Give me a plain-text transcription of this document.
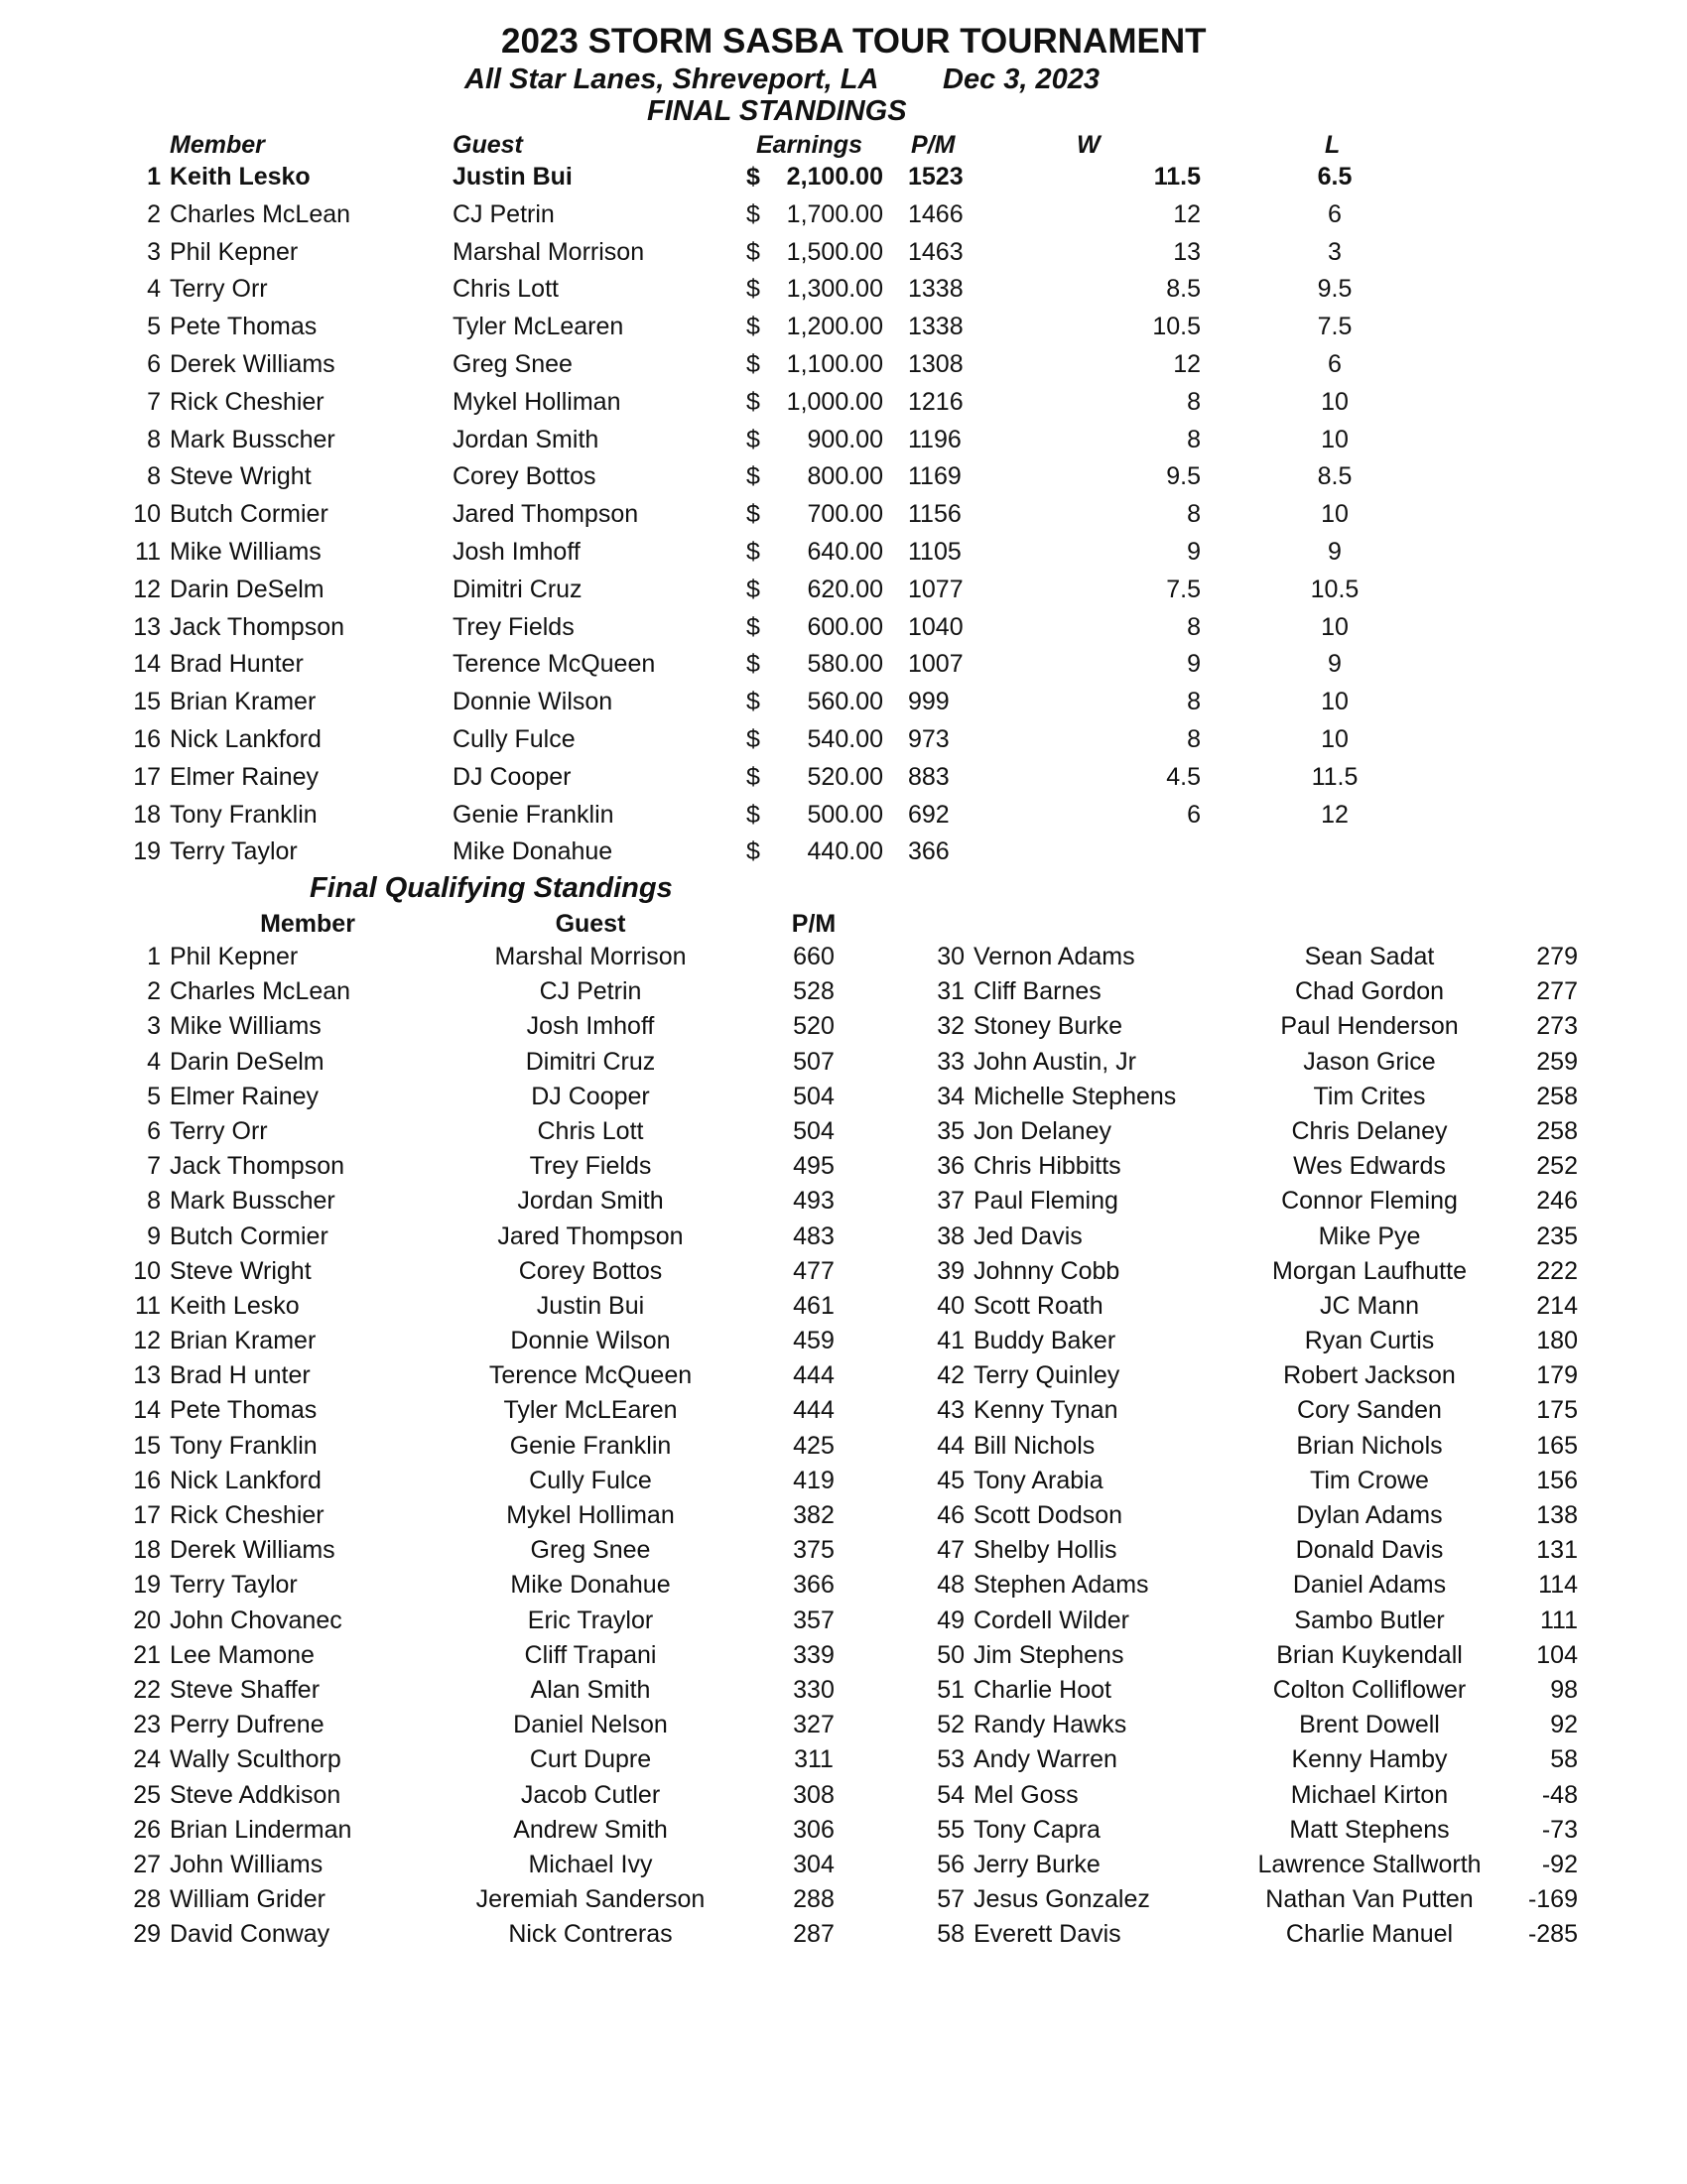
2023 STORM SASBA TOUR TOURNAMENT
All Star Lanes, Shreveport, LA Dec 3, 2023
FINAL STANDINGS
Member	Guest	Earnings P/M	W	L
1 Keith Lesko	Justin Bui	$	2,100.00 1523	11.5	6.5
2 Charles McLean	CJ Petrin	$	1,700.00 1466	12	6
3 Phil Kepner	Marshal Morrison	$	1,500.00 1463	13	3
4 Terry Orr	Chris Lott	$	1,300.00 1338	8.5	9.5
5 Pete Thomas	Tyler McLearen	$	1,200.00 1338	10.5	7.5
6 Derek Williams	Greg Snee	$	1,100.00 1308	12	6
7 Rick Cheshier	Mykel Holliman	$	1,000.00 1216	8	10
8 Mark Busscher	Jordan Smith	$	900.00 1196	8	10
8 Steve Wright	Corey Bottos	$	800.00 1169	9.5	8.5
10 Butch Cormier	Jared Thompson	$	700.00 1156	8	10
11 Mike Williams	Josh Imhoff	$	640.00 1105	9	9
12 Darin DeSelm	Dimitri Cruz	$	620.00 1077	7.5	10.5
13 Jack Thompson	Trey Fields	$	600.00 1040	8	10
14 Brad Hunter	Terence McQueen	$	580.00 1007	9	9
15 Brian Kramer	Donnie Wilson	$	560.00 999	8	10
16 Nick Lankford	Cully Fulce	$	540.00 973	8	10
17 Elmer Rainey	DJ Cooper	$	520.00 883	4.5	11.5
18 Tony Franklin	Genie Franklin	$	500.00 692	6	12
19 Terry Taylor	Mike Donahue	$	440.00 366
Final Qualifying Standings
Member	Guest	P/M
1 Phil Kepner	Marshal Morrison	660
2 Charles McLean	CJ Petrin	528
3 Mike Williams	Josh Imhoff	520
4 Darin DeSelm	Dimitri Cruz	507
5 Elmer Rainey	DJ Cooper	504
6 Terry Orr	Chris Lott	504
7 Jack Thompson	Trey Fields	495
8 Mark Busscher	Jordan Smith	493
9 Butch Cormier	Jared Thompson	483
10 Steve Wright	Corey Bottos	477
11 Keith Lesko	Justin Bui	461
12 Brian Kramer	Donnie Wilson	459
13 Brad H unter	Terence McQueen	444
14 Pete Thomas	Tyler McLEaren	444
15 Tony Franklin	Genie Franklin	425
16 Nick Lankford	Cully Fulce	419
17 Rick Cheshier	Mykel Holliman	382
18 Derek Williams	Greg Snee	375
19 Terry Taylor	Mike Donahue	366
20 John Chovanec	Eric Traylor	357
21 Lee Mamone	Cliff Trapani	339
22 Steve Shaffer	Alan Smith	330
23 Perry Dufrene	Daniel Nelson	327
24 Wally Sculthorp	Curt Dupre	311
25 Steve Addkison	Jacob Cutler	308
26 Brian Linderman	Andrew Smith	306
27 John Williams	Michael Ivy	304
28 William Grider	Jeremiah Sanderson	288
29 David Conway	Nick Contreras	287
30 Vernon Adams	Sean Sadat	279
31 Cliff Barnes	Chad Gordon	277
32 Stoney Burke	Paul Henderson	273
33 John Austin, Jr	Jason Grice	259
34 Michelle Stephens	Tim Crites	258
35 Jon Delaney	Chris Delaney	258
36 Chris Hibbitts	Wes Edwards	252
37 Paul Fleming	Connor Fleming	246
38 Jed Davis	Mike Pye	235
39 Johnny Cobb	Morgan Laufhutte	222
40 Scott Roath	JC Mann	214
41 Buddy Baker	Ryan Curtis	180
42 Terry Quinley	Robert Jackson	179
43 Kenny Tynan	Cory Sanden	175
44 Bill Nichols	Brian Nichols	165
45 Tony Arabia	Tim Crowe	156
46 Scott Dodson	Dylan Adams	138
47 Shelby Hollis	Donald Davis	131
48 Stephen Adams	Daniel Adams	114
49 Cordell Wilder	Sambo Butler	111
50 Jim Stephens	Brian Kuykendall	104
51 Charlie Hoot	Colton Colliflower	98
52 Randy Hawks	Brent Dowell	92
53 Andy Warren	Kenny Hamby	58
54 Mel Goss	Michael Kirton	-48
55 Tony Capra	Matt Stephens	-73
56 Jerry Burke	Lawrence Stallworth	-92
57 Jesus Gonzalez	Nathan Van Putten	-169
58 Everett Davis	Charlie Manuel	-285
